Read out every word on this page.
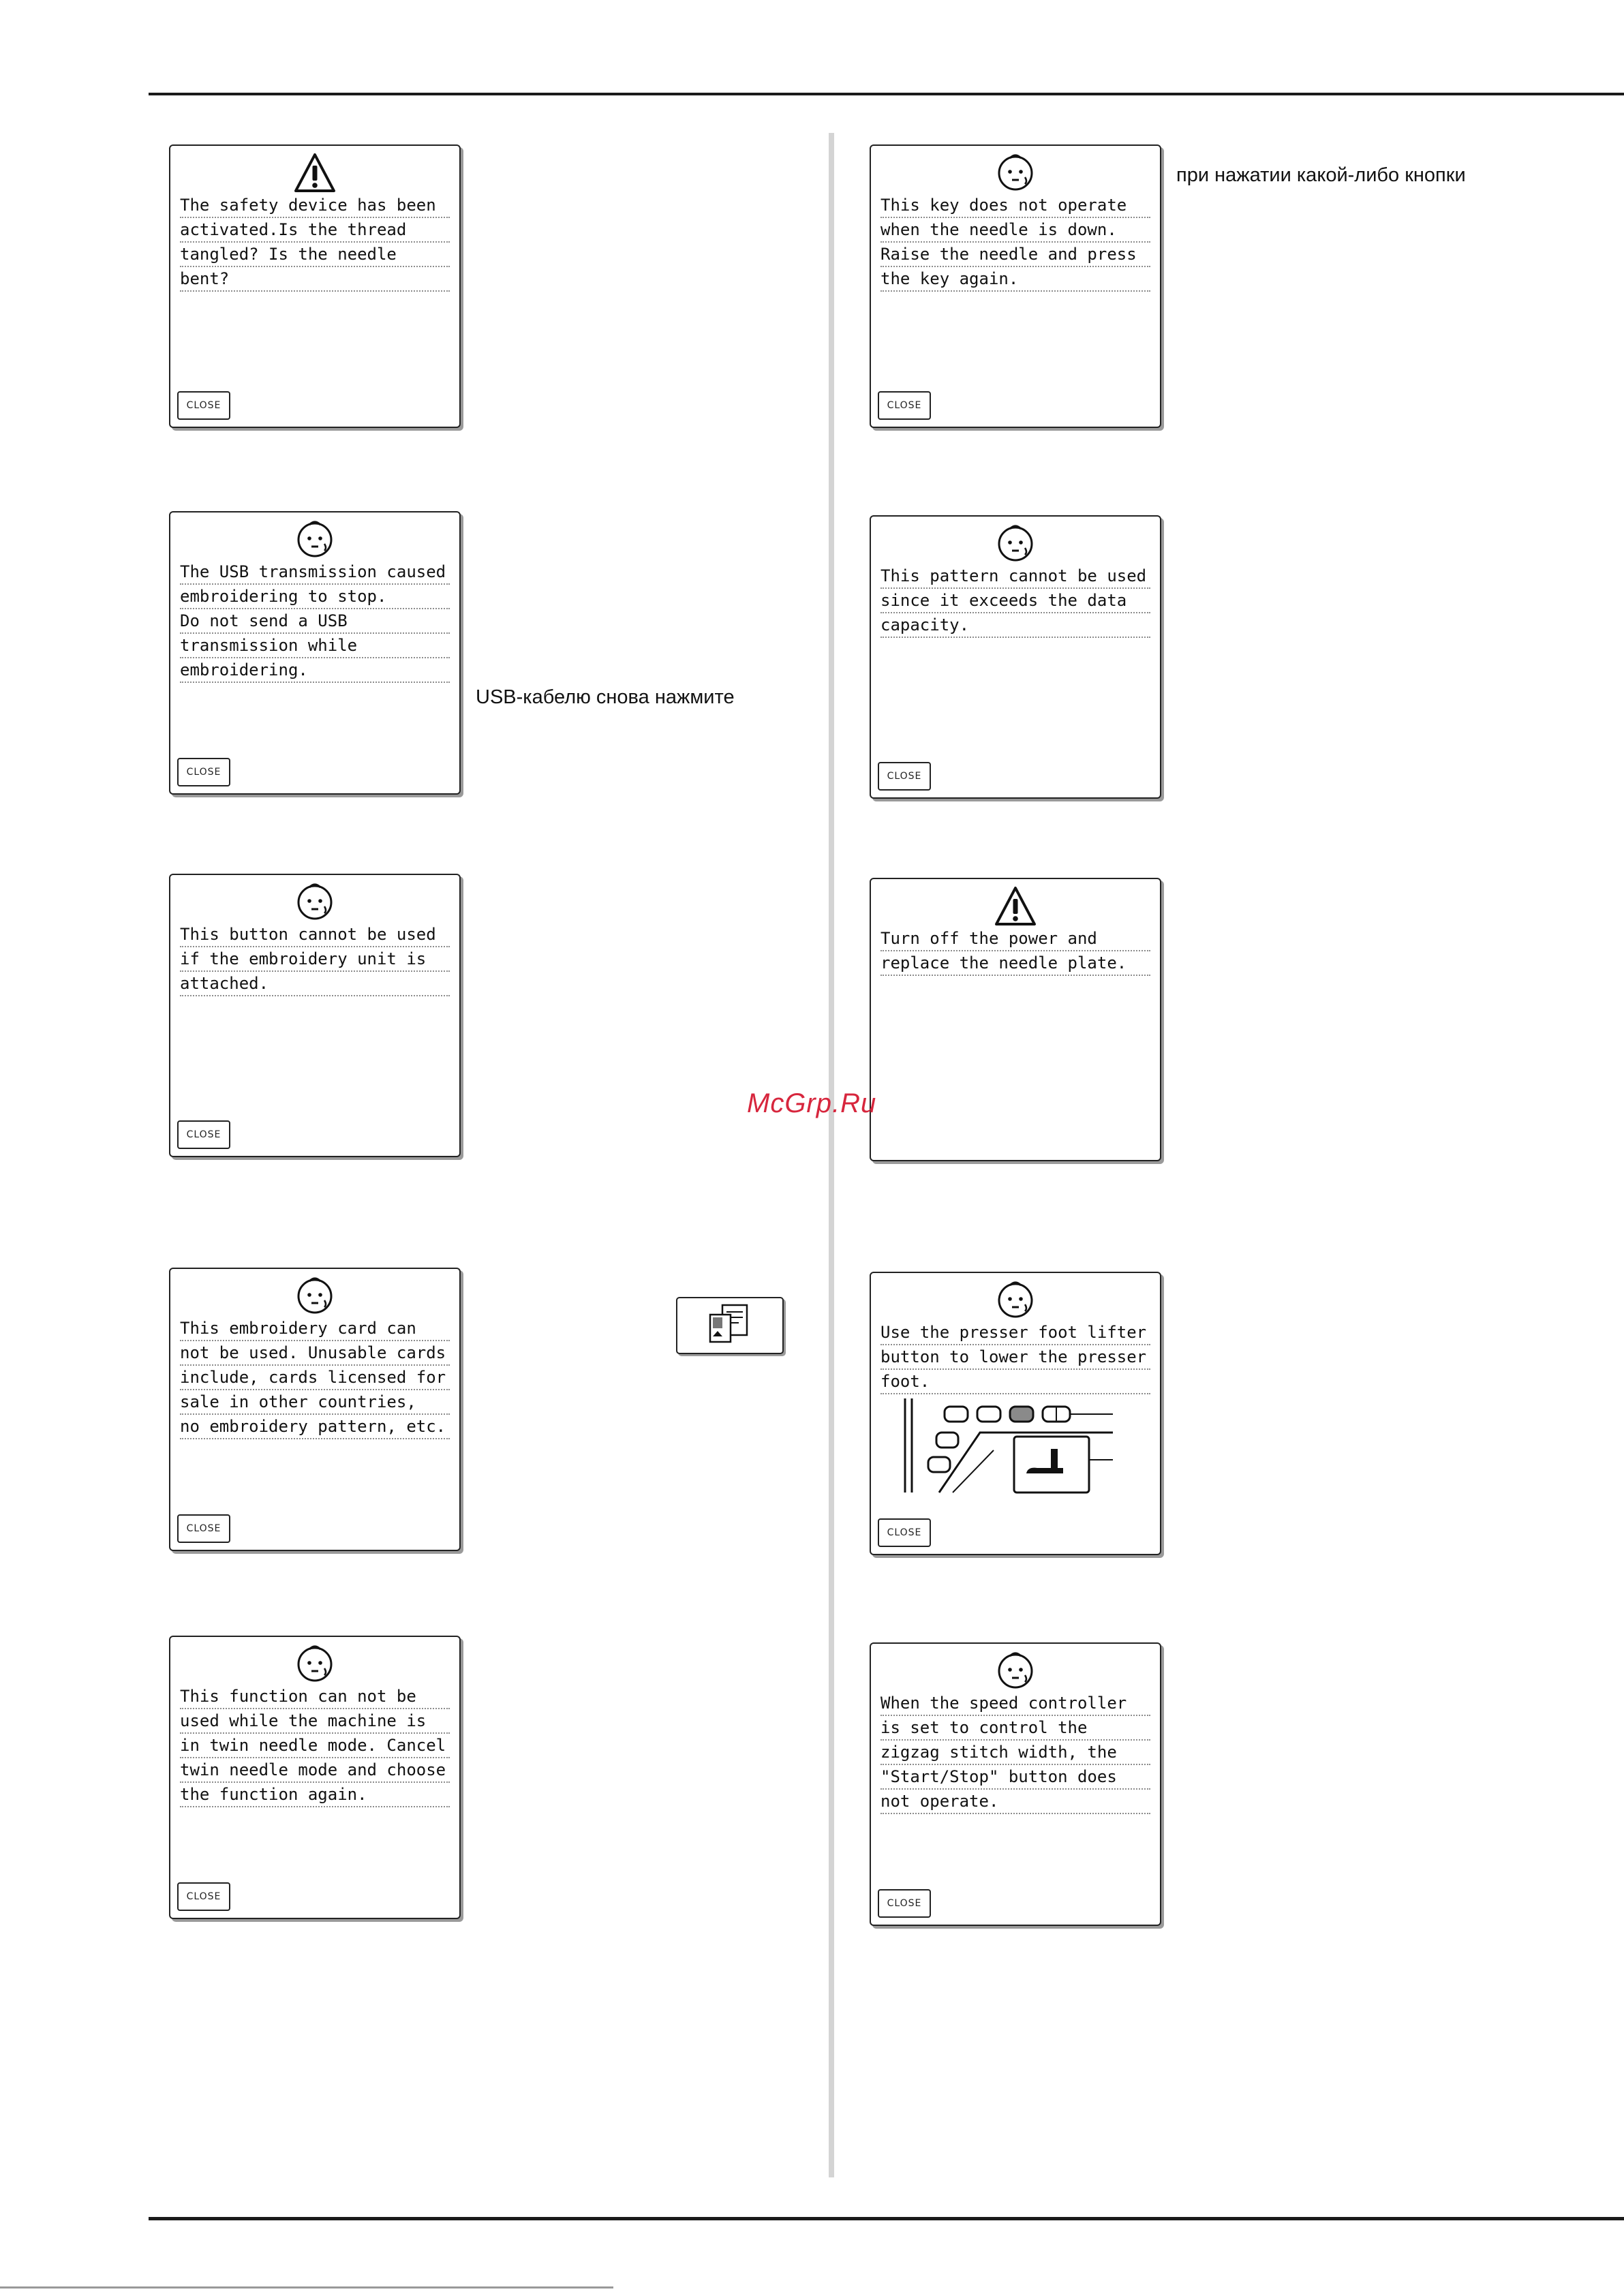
The safety device has been
activated.Is the thread
tangled? Is the needle
bent?
CLOSE
The USB transmission caused
embroidering to stop.
Do not send a USB
transmission while
embroidering.
CLOSE
This button cannot be used
if the embroidery unit is
attached.
CLOSE
This embroidery card can
not be used. Unusable cards
include, cards licensed for
sale in other countries,
no embroidery pattern, etc.
CLOSE
This function can not be
used while the machine is
in twin needle mode. Cancel
twin needle mode and choose
the function again.
CLOSE
This key does not operate
when the needle is down.
Raise the needle and press
the key again.
CLOSE
This pattern cannot be used
since it exceeds the data
capacity.
CLOSE
Turn off the power and
replace the needle plate.
Use the presser foot lifter
button to lower the presser
foot.
CLOSE
When the speed controller
is set to control the
zigzag stitch width, the
"Start/Stop" button does
not operate.
CLOSE
при нажатии какой-либо кнопки
USB-кабелю снова нажмите
McGrp.Ru
